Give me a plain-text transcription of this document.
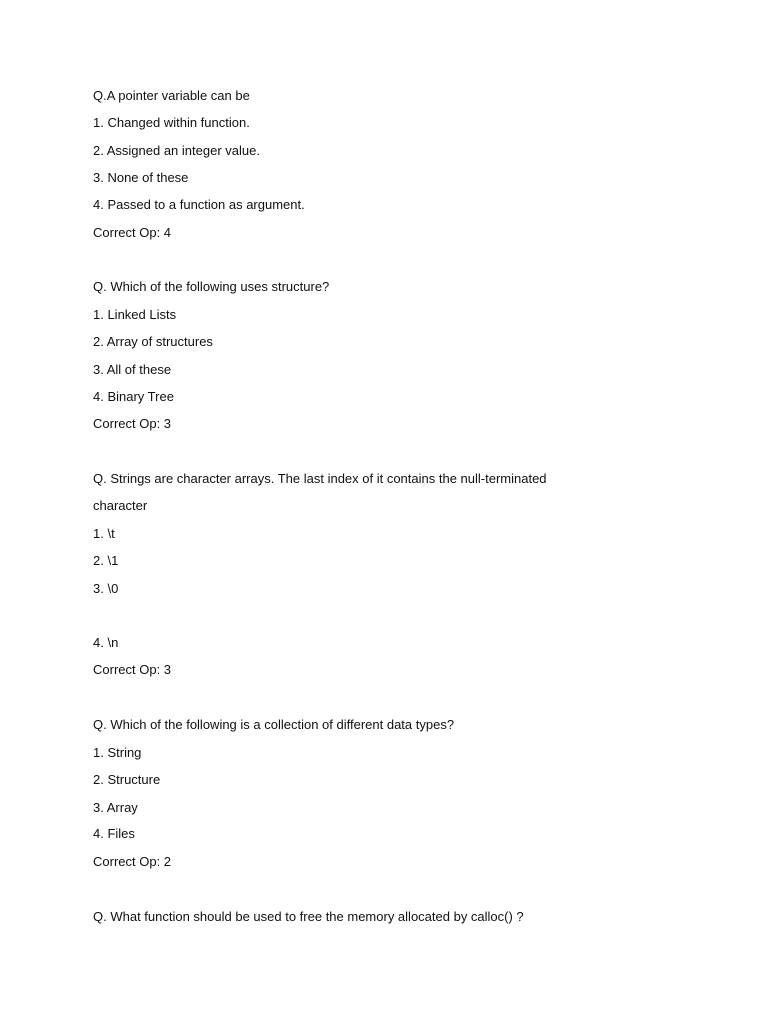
Q.A pointer variable can be
1. Changed within function.
2. Assigned an integer value.
3. None of these
4. Passed to a function as argument.
Correct Op: 4
Q. Which of the following uses structure?
1. Linked Lists
2. Array of structures
3. All of these
4. Binary Tree
Correct Op: 3
Q. Strings are character arrays. The last index of it contains the null-terminated
character
1. \t
2. \1
3. \0
4. \n
Correct Op: 3
Q. Which of the following is a collection of different data types?
1. String
2. Structure
3. Array
4. Files
Correct Op: 2
Q. What function should be used to free the memory allocated by calloc() ?
